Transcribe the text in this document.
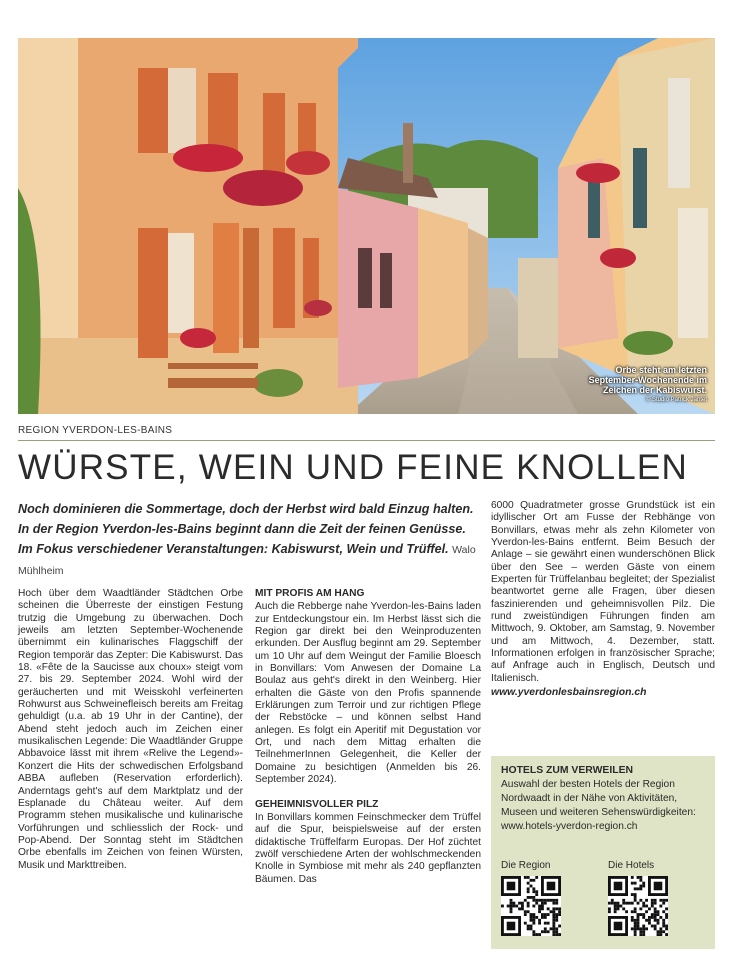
Orbe steht am letzten
September-Wochenende im
Zeichen der Kabiswurst.
© Studio Patrick Jantet
REGION YVERDON-LES-BAINS
WÜRSTE, WEIN UND FEINE KNOLLEN
Noch dominieren die Sommertage, doch der Herbst wird bald Einzug halten. In der Region Yverdon-les-Bains beginnt dann die Zeit der feinen Genüsse. Im Fokus verschiedener Veranstaltungen: Kabiswurst, Wein und Trüffel. Walo Mühlheim

Hoch über dem Waadtländer Städtchen Orbe scheinen die Überreste der einstigen Festung trutzig die Umgebung zu überwachen. Doch jeweils am letzten September-Wochenende übernimmt ein kulinarisches Flaggschiff der Region temporär das Zepter: Die Kabiswurst. Das 18. «Fête de la Saucisse aux choux» steigt vom 27. bis 29. September 2024. Wohl wird der geräucherten und mit Weisskohl verfeinerten Rohwurst aus Schweinefleisch bereits am Freitag gehuldigt (u.a. ab 19 Uhr in der Cantine), der Abend steht jedoch auch im Zeichen einer musikalischen Legende: Die Waadtländer Gruppe Abbavoice lässt mit ihrem «Relive the Legend»-Konzert die Hits der schwedischen Erfolgsband ABBA aufleben (Reservation erforderlich). Anderntags geht's auf dem Marktplatz und der Esplanade du Château weiter. Auf dem Programm stehen musikalische und kulinarische Vorführungen und schliesslich der Rock- und Pop-Abend. Der Sonntag steht im Städtchen Orbe ebenfalls im Zeichen von feinen Würsten, Musik und Markttreiben.

MIT PROFIS AM HANG

Auch die Rebberge nahe Yverdon-les-Bains laden zur Entdeckungstour ein. Im Herbst lässt sich die Region gar direkt bei den Weinproduzenten erkunden. Der Ausflug beginnt am 29. September um 10 Uhr auf dem Weingut der Familie Bloesch in Bonvillars: Vom Anwesen der Domaine La Boulaz aus geht's direkt in den Weinberg. Hier erhalten die Gäste von den Profis spannende Erklärungen zum Terroir und zur richtigen Pflege der Rebstöcke – und können selbst Hand anlegen. Es folgt ein Aperitif mit Degustation vor Ort, und nach dem Mittag erhalten die TeilnehmerInnen Gelegenheit, die Keller der Domaine zu besichtigen (Anmelden bis 26. September 2024).

GEHEIMNISVOLLER PILZ

In Bonvillars kommen Feinschmecker dem Trüffel auf die Spur, beispielsweise auf der ersten didaktische Trüffelfarm Europas. Der Hof züchtet zwölf verschiedene Arten der wohlschmeckenden Knolle in Symbiose mit mehr als 240 gepflanzten Bäumen. Das

6000 Quadratmeter grosse Grundstück ist ein idyllischer Ort am Fusse der Rebhänge von Bonvillars, etwas mehr als zehn Kilometer von Yverdon-les-Bains entfernt. Beim Besuch der Anlage – sie gewährt einen wunderschönen Blick über den See – werden Gäste von einem Experten für Trüffelanbau begleitet; der Spezialist beantwortet gerne alle Fragen, über diesen faszinierenden und geheimnisvollen Pilz. Die rund zweistündigen Führungen finden am Mittwoch, 9. Oktober, am Samstag, 9. November und am Mittwoch, 4. Dezember, statt. Informationen erfolgen in französischer Sprache; auf Anfrage auch in Englisch, Deutsch und Italienisch.

www.yverdonlesbainsregion.ch
HOTELS ZUM VERWEILEN
Auswahl der besten Hotels der Region Nordwaadt in der Nähe von Aktivitäten, Museen und weiteren Sehenswürdigkeiten:
www.hotels-yverdon-region.ch
Die Region	Die Hotels
